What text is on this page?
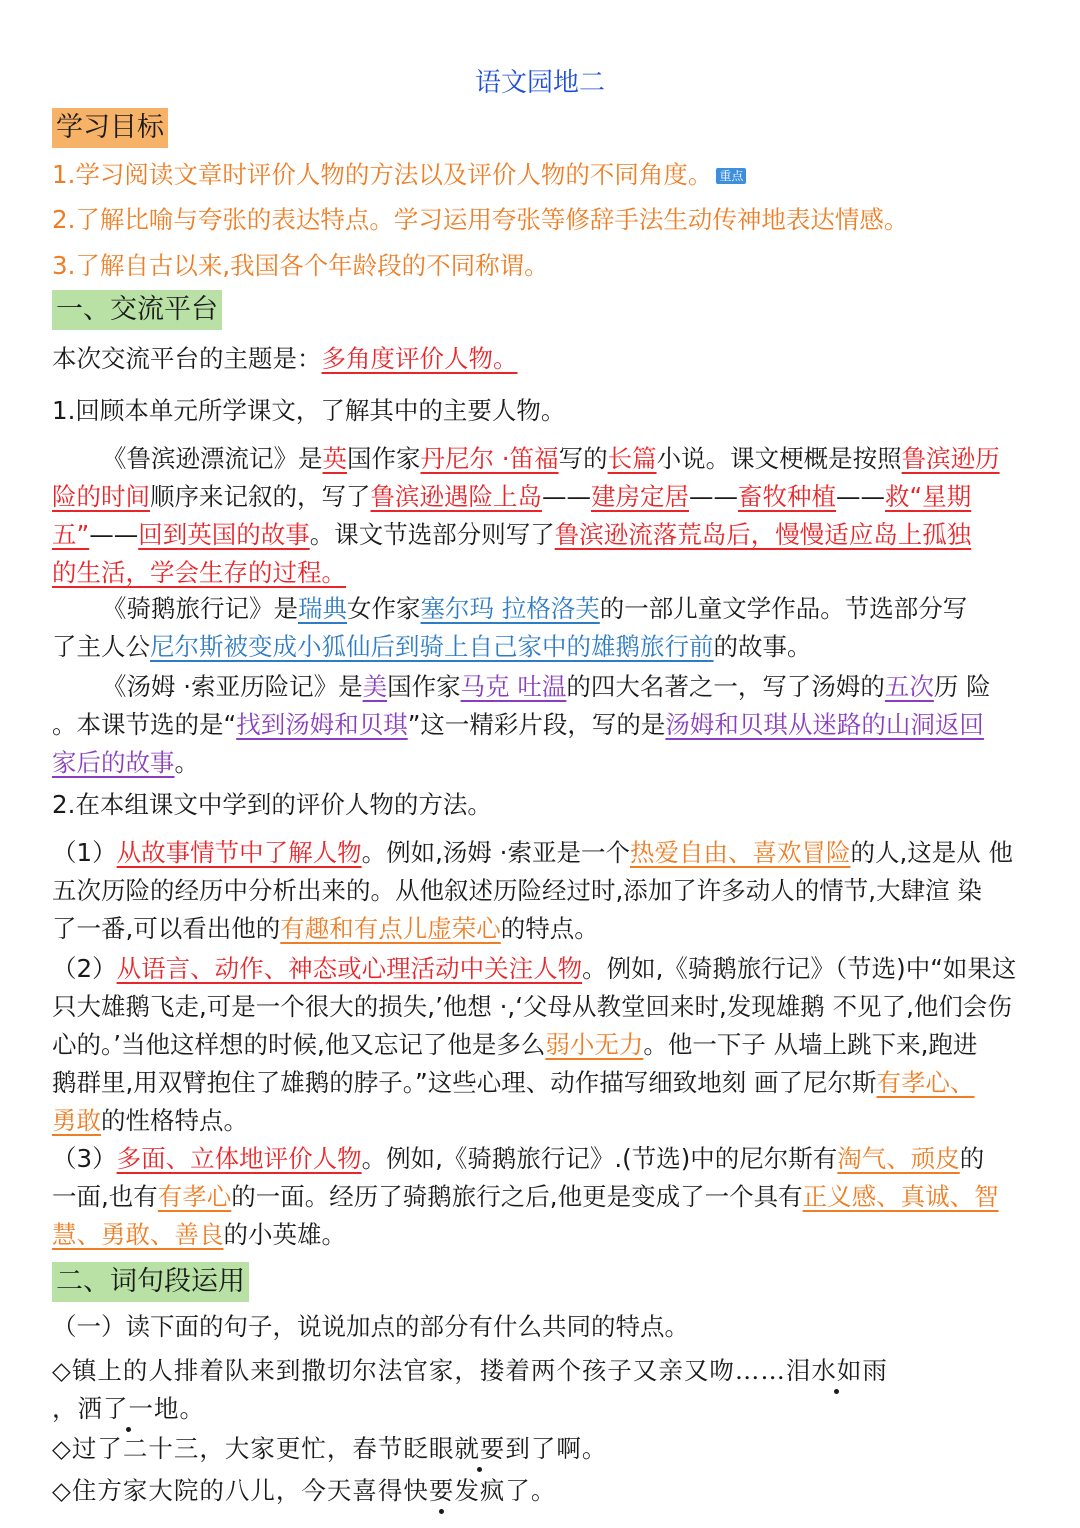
语文园地二
学习目标
1.学习阅读文章时评价人物的方法以及评价人物的不同角度。 重点
2.了解比喻与夸张的表达特点。学习运用夸张等修辞手法生动传神地表达情感。
3.了解自古以来,我国各个年龄段的不同称谓。
一、交流平台
本次交流平台的主题是：多角度评价人物。
1.回顾本单元所学课文，了解其中的主要人物。

《鲁滨逊漂流记》是英国作家丹尼尔 ·笛福写的长篇小说。课文梗概是按照鲁滨逊历

险的时间顺序来记叙的，写了鲁滨逊遇险上岛——建房定居——畜牧种植——救“星期

五”——回到英国的故事。课文节选部分则写了鲁滨逊流落荒岛后，慢慢适应岛上孤独

的生活，学会生存的过程。

《骑鹅旅行记》是瑞典女作家塞尔玛 拉格洛芙的一部儿童文学作品。节选部分写

了主人公尼尔斯被变成小狐仙后到骑上自己家中的雄鹅旅行前的故事。

《汤姆 ·索亚历险记》是美国作家马克 吐温的四大名著之一，写了汤姆的五次历 险

。本课节选的是“找到汤姆和贝琪”这一精彩片段，写的是汤姆和贝琪从迷路的山洞返回

家后的故事。

2.在本组课文中学到的评价人物的方法。

（1）从故事情节中了解人物。例如,汤姆 ·索亚是一个热爱自由、喜欢冒险的人,这是从 他

五次历险的经历中分析出来的。从他叙述历险经过时,添加了许多动人的情节,大肆渲 染

了一番,可以看出他的有趣和有点儿虚荣心的特点。

（2）从语言、动作、神态或心理活动中关注人物。例如,《骑鹅旅行记》（节选)中“如果这

只大雄鹅飞走,可是一个很大的损失,’他想 ·,‘父母从教堂回来时,发现雄鹅 不见了,他们会伤

心的。’当他这样想的时候,他又忘记了他是多么弱小无力。他一下子 从墙上跳下来,跑进

鹅群里,用双臂抱住了雄鹅的脖子。”这些心理、动作描写细致地刻 画了尼尔斯有孝心、

勇敢的性格特点。

（3）多面、立体地评价人物。例如,《骑鹅旅行记》.(节选)中的尼尔斯有淘气、顽皮的

一面,也有有孝心的一面。经历了骑鹅旅行之后,他更是变成了一个具有正义感、真诚、智

慧、勇敢、善良的小英雄。

二、词句段运用
（一）读下面的句子，说说加点的部分有什么共同的特点。
◇镇上的人排着队来到撒切尔法官家，搂着两个孩子又亲又吻……泪水如雨
，洒了一地。
◇过了二十三，大家更忙，春节眨眼就要到了啊。
◇住方家大院的八儿，今天喜得快要发疯了。
